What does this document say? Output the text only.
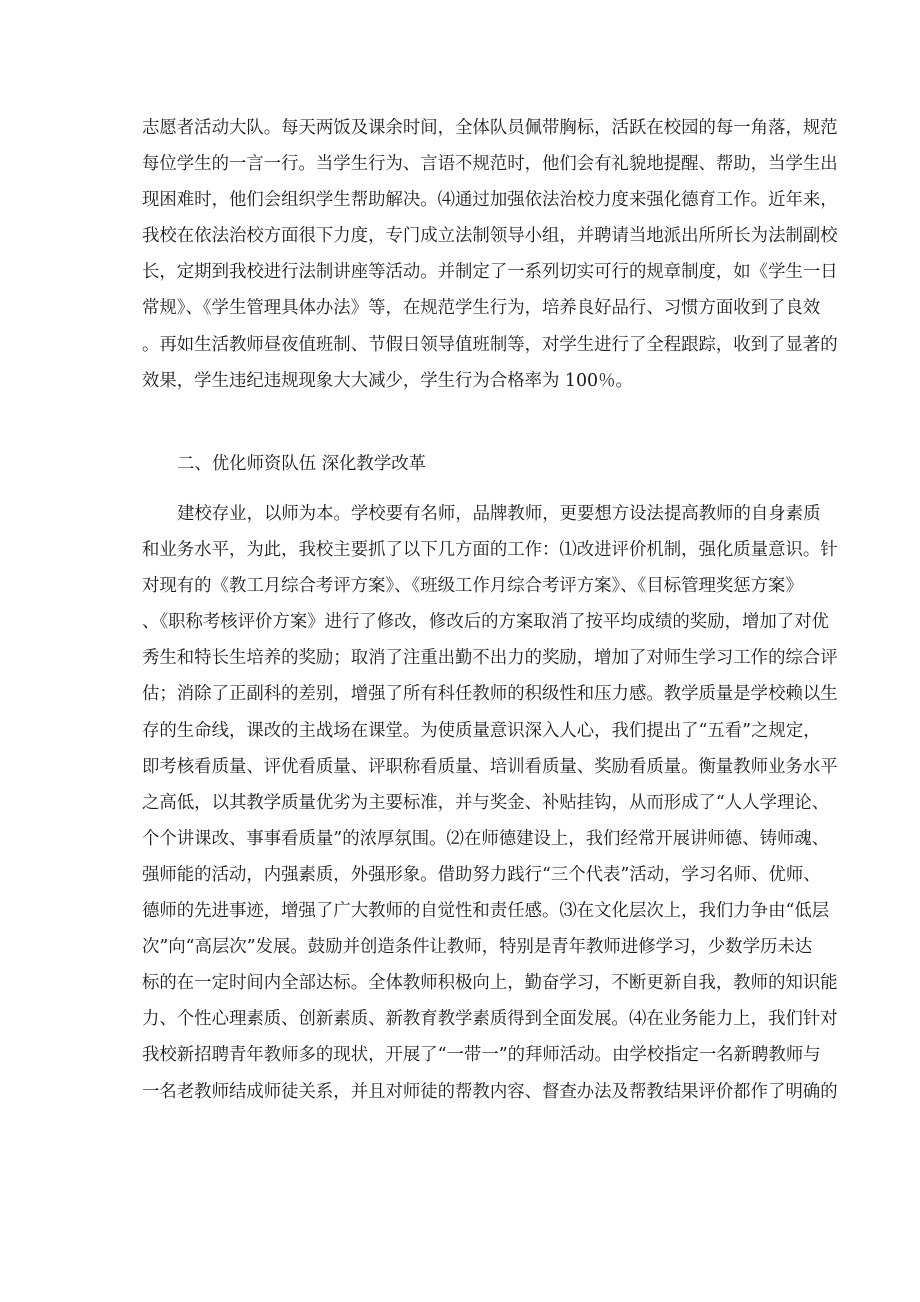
志愿者活动大队。每天两饭及课余时间，全体队员佩带胸标，活跃在校园的每一角落，规范
每位学生的一言一行。当学生行为、言语不规范时，他们会有礼貌地提醒、帮助，当学生出
现困难时，他们会组织学生帮助解决。⑷通过加强依法治校力度来强化德育工作。近年来，
我校在依法治校方面很下力度，专门成立法制领导小组，并聘请当地派出所所长为法制副校
长，定期到我校进行法制讲座等活动。并制定了一系列切实可行的规章制度，如《学生一日
常规》、《学生管理具体办法》等，在规范学生行为，培养良好品行、习惯方面收到了良效
。再如生活教师昼夜值班制、节假日领导值班制等，对学生进行了全程跟踪，收到了显著的
效果，学生违纪违规现象大大减少，学生行为合格率为 100％。
二、优化师资队伍 深化教学改革
建校存业，以师为本。学校要有名师，品牌教师，更要想方设法提高教师的自身素质
和业务水平，为此，我校主要抓了以下几方面的工作：⑴改进评价机制，强化质量意识。针
对现有的《教工月综合考评方案》、《班级工作月综合考评方案》、《目标管理奖惩方案》
、《职称考核评价方案》进行了修改，修改后的方案取消了按平均成绩的奖励，增加了对优
秀生和特长生培养的奖励；取消了注重出勤不出力的奖励，增加了对师生学习工作的综合评
估；消除了正副科的差别，增强了所有科任教师的积级性和压力感。教学质量是学校赖以生
存的生命线，课改的主战场在课堂。为使质量意识深入人心，我们提出了“五看”之规定，
即考核看质量、评优看质量、评职称看质量、培训看质量、奖励看质量。衡量教师业务水平
之高低，以其教学质量优劣为主要标准，并与奖金、补贴挂钩，从而形成了“人人学理论、
个个讲课改、事事看质量”的浓厚氛围。⑵在师德建设上，我们经常开展讲师德、铸师魂、
强师能的活动，内强素质，外强形象。借助努力践行“三个代表”活动，学习名师、优师、
德师的先进事迹，增强了广大教师的自觉性和责任感。⑶在文化层次上，我们力争由“低层
次”向“高层次”发展。鼓励并创造条件让教师，特别是青年教师进修学习，少数学历未达
标的在一定时间内全部达标。全体教师积极向上，勤奋学习，不断更新自我，教师的知识能
力、个性心理素质、创新素质、新教育教学素质得到全面发展。⑷在业务能力上，我们针对
我校新招聘青年教师多的现状，开展了“一带一”的拜师活动。由学校指定一名新聘教师与
一名老教师结成师徒关系，并且对师徒的帮教内容、督查办法及帮教结果评价都作了明确的
